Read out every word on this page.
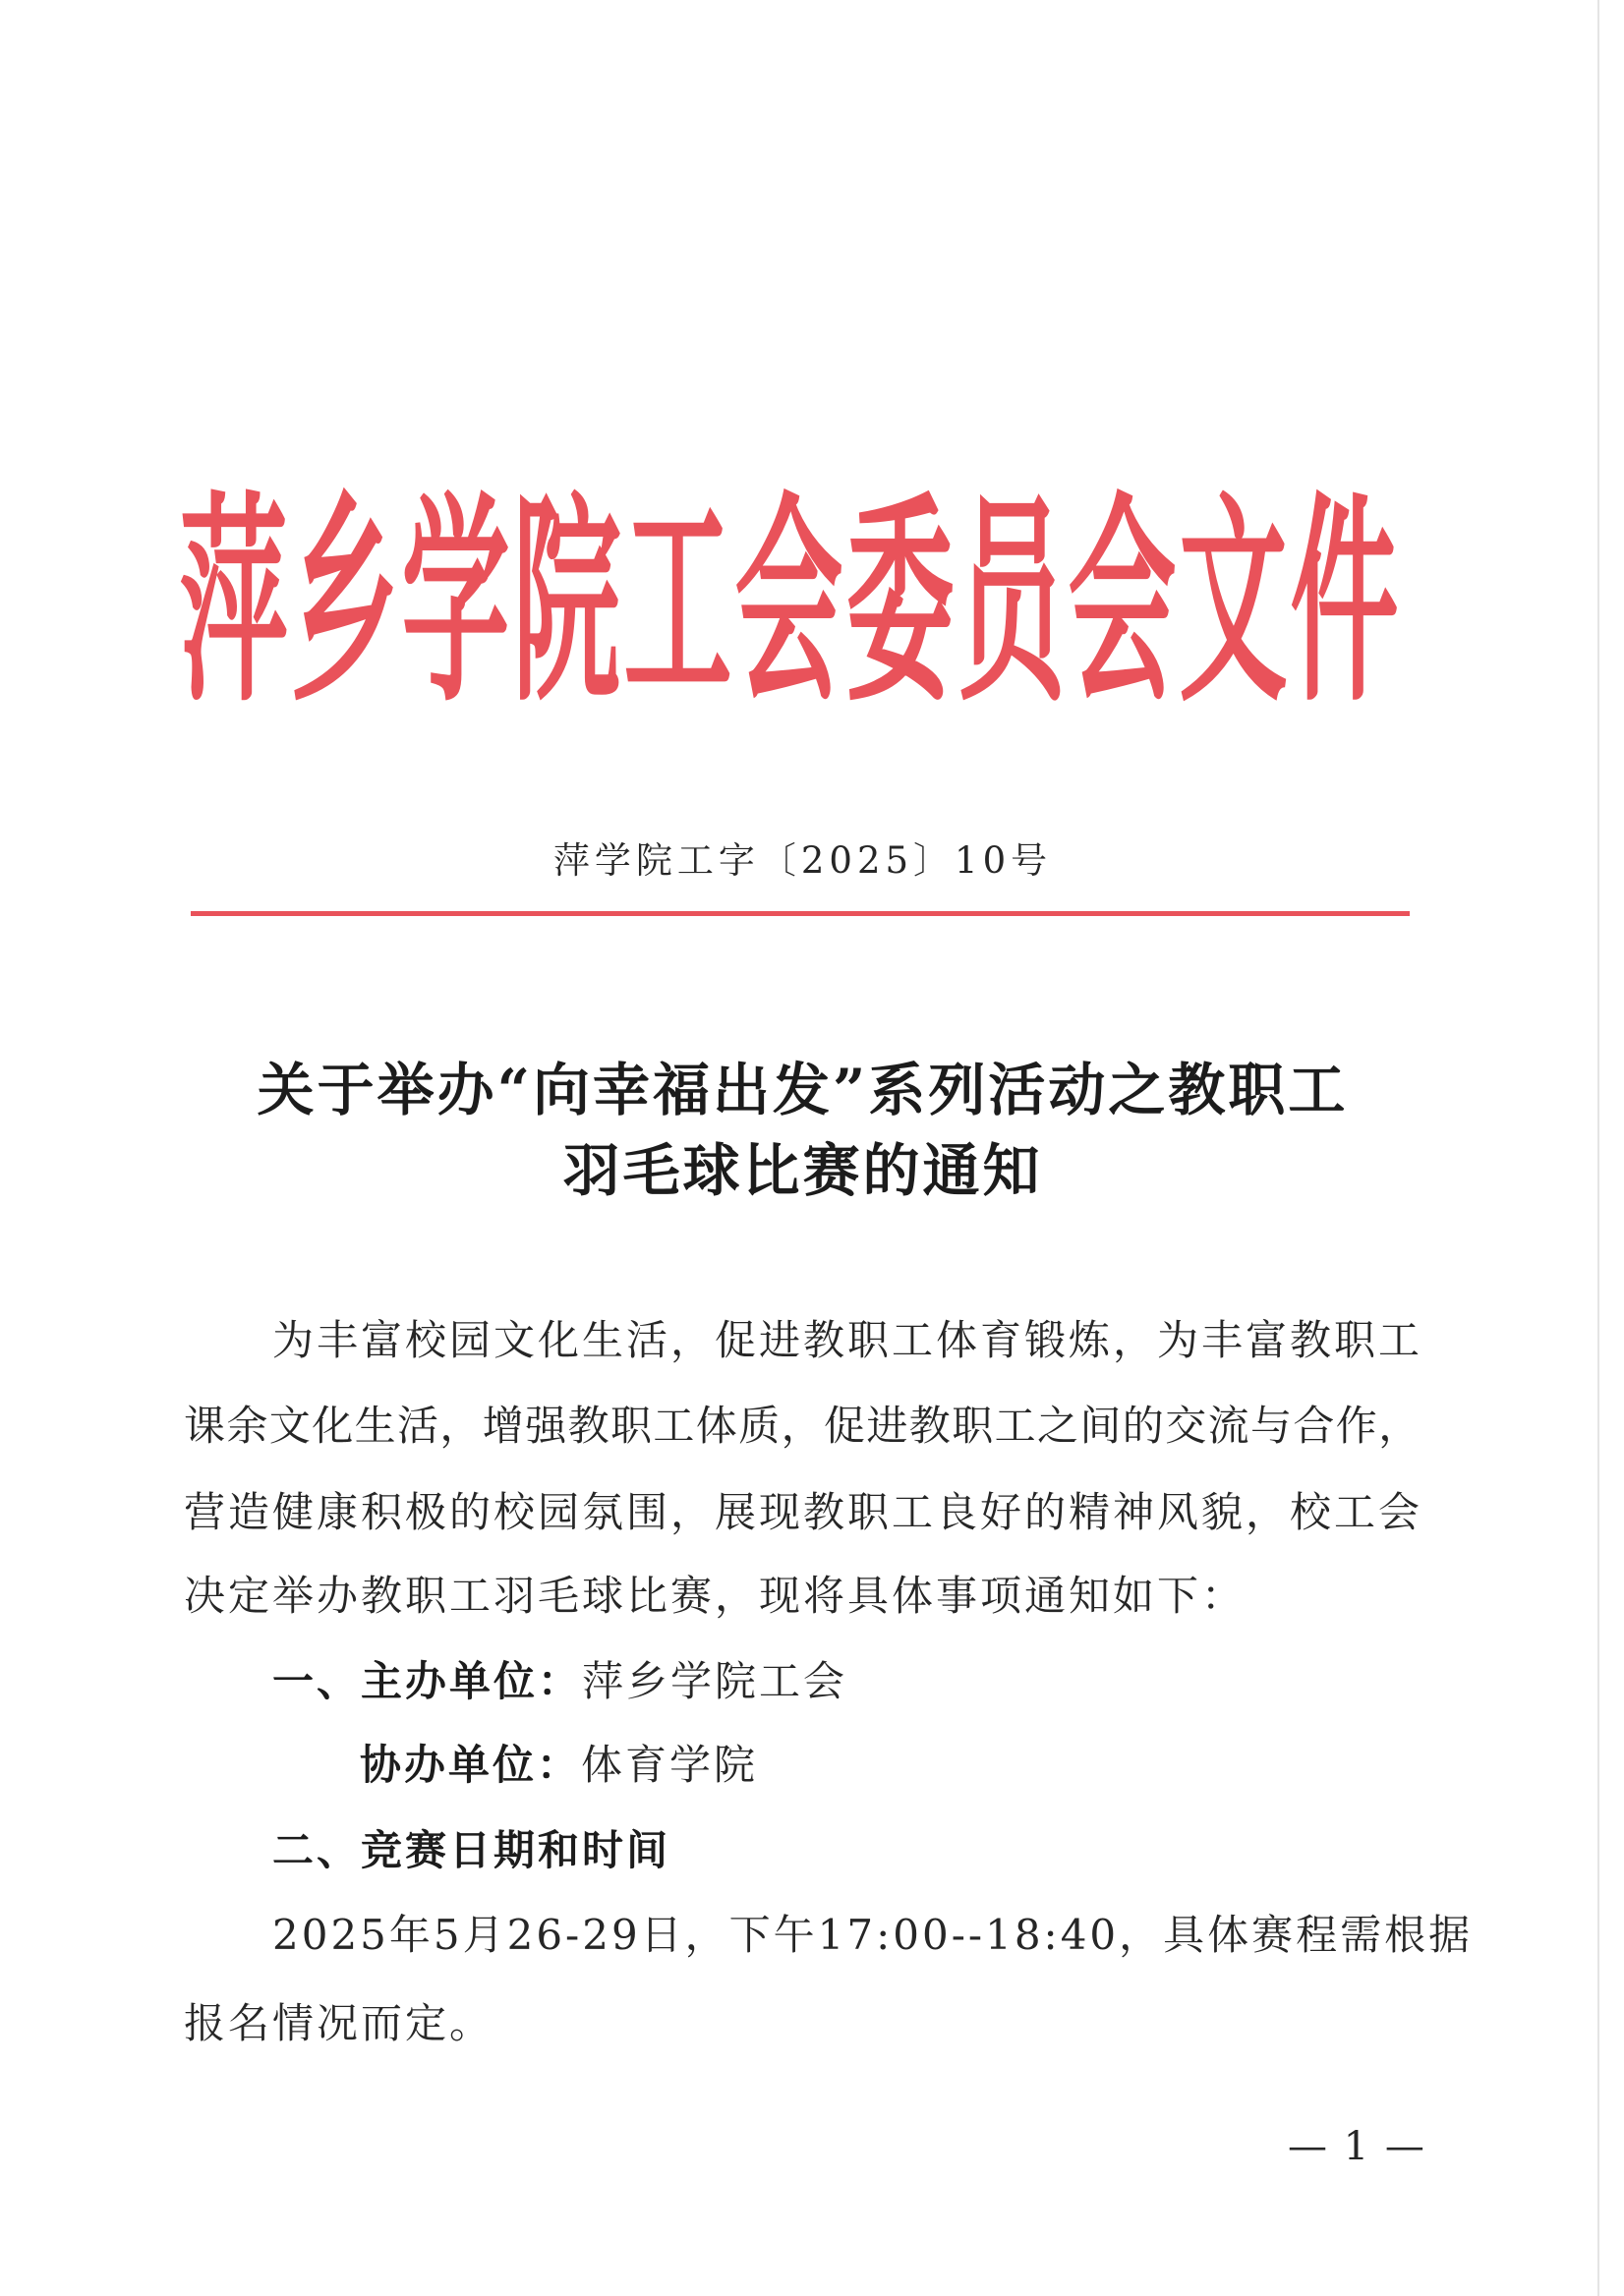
萍乡学院工会委员会文件
萍学院工字〔2025〕10号
关于举办“向幸福出发”系列活动之教职工
羽毛球比赛的通知
为丰富校园文化生活，促进教职工体育锻炼，为丰富教职工
课余文化生活，增强教职工体质，促进教职工之间的交流与合作，
营造健康积极的校园氛围，展现教职工良好的精神风貌，校工会
决定举办教职工羽毛球比赛，现将具体事项通知如下：
一、主办单位：萍乡学院工会
协办单位：体育学院
二、竞赛日期和时间
2025年5月26-29日，下午17:00--18:40，具体赛程需根据
报名情况而定。
— 1 —
